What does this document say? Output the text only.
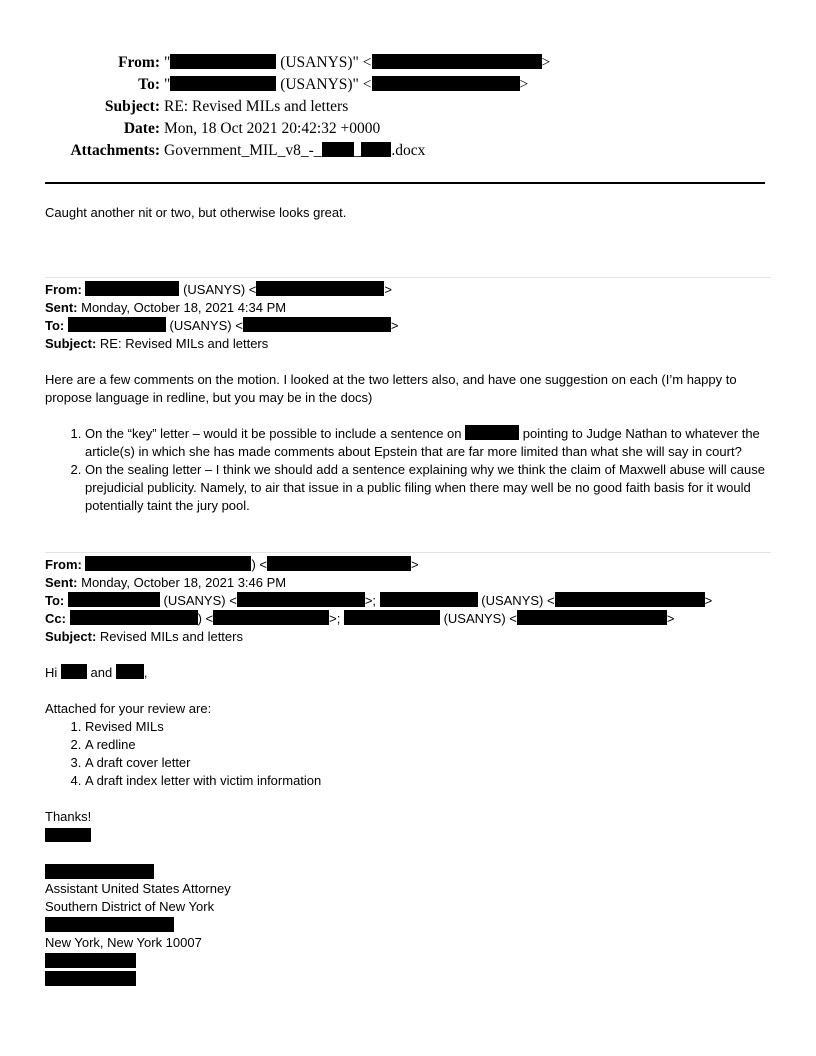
From: "	(USANYS)" <	>
To: "	(USANYS)" <	>
Subject: RE: Revised MILs and letters
Date: Mon, 18 Oct 2021 20:42:32 +0000
Attachments: Government_MIL_v8_-_ _ .docx
Caught another nit or two, but otherwise looks great.
From:	(USANYS) <	>
Sent: Monday, October 18, 2021 4:34 PM
To:	(USANYS) <	>
Subject: RE: Revised MILs and letters
Here are a few comments on the motion. I looked at the two letters also, and have one suggestion on each (I’m happy to propose language in redline, but you may be in the docs)
1. On the “key” letter – would it be possible to include a sentence on	pointing to Judge Nathan to whatever the article(s) in which she has made comments about Epstein that are far more limited than what she will say in court?
2. On the sealing letter – I think we should add a sentence explaining why we think the claim of Maxwell abuse will cause prejudicial publicity. Namely, to air that issue in a public filing when there may well be no good faith basis for it would potentially taint the jury pool.
From:	) <	>
Sent: Monday, October 18, 2021 3:46 PM
To:	(USANYS) <	>;	(USANYS) <	>
Cc:	) <	>;	(USANYS) <	>
Subject: Revised MILs and letters
Hi  and ,
Attached for your review are:
1. Revised MILs
2. A redline
3. A draft cover letter
4. A draft index letter with victim information
Thanks!
Assistant United States Attorney
Southern District of New York
New York, New York 10007
